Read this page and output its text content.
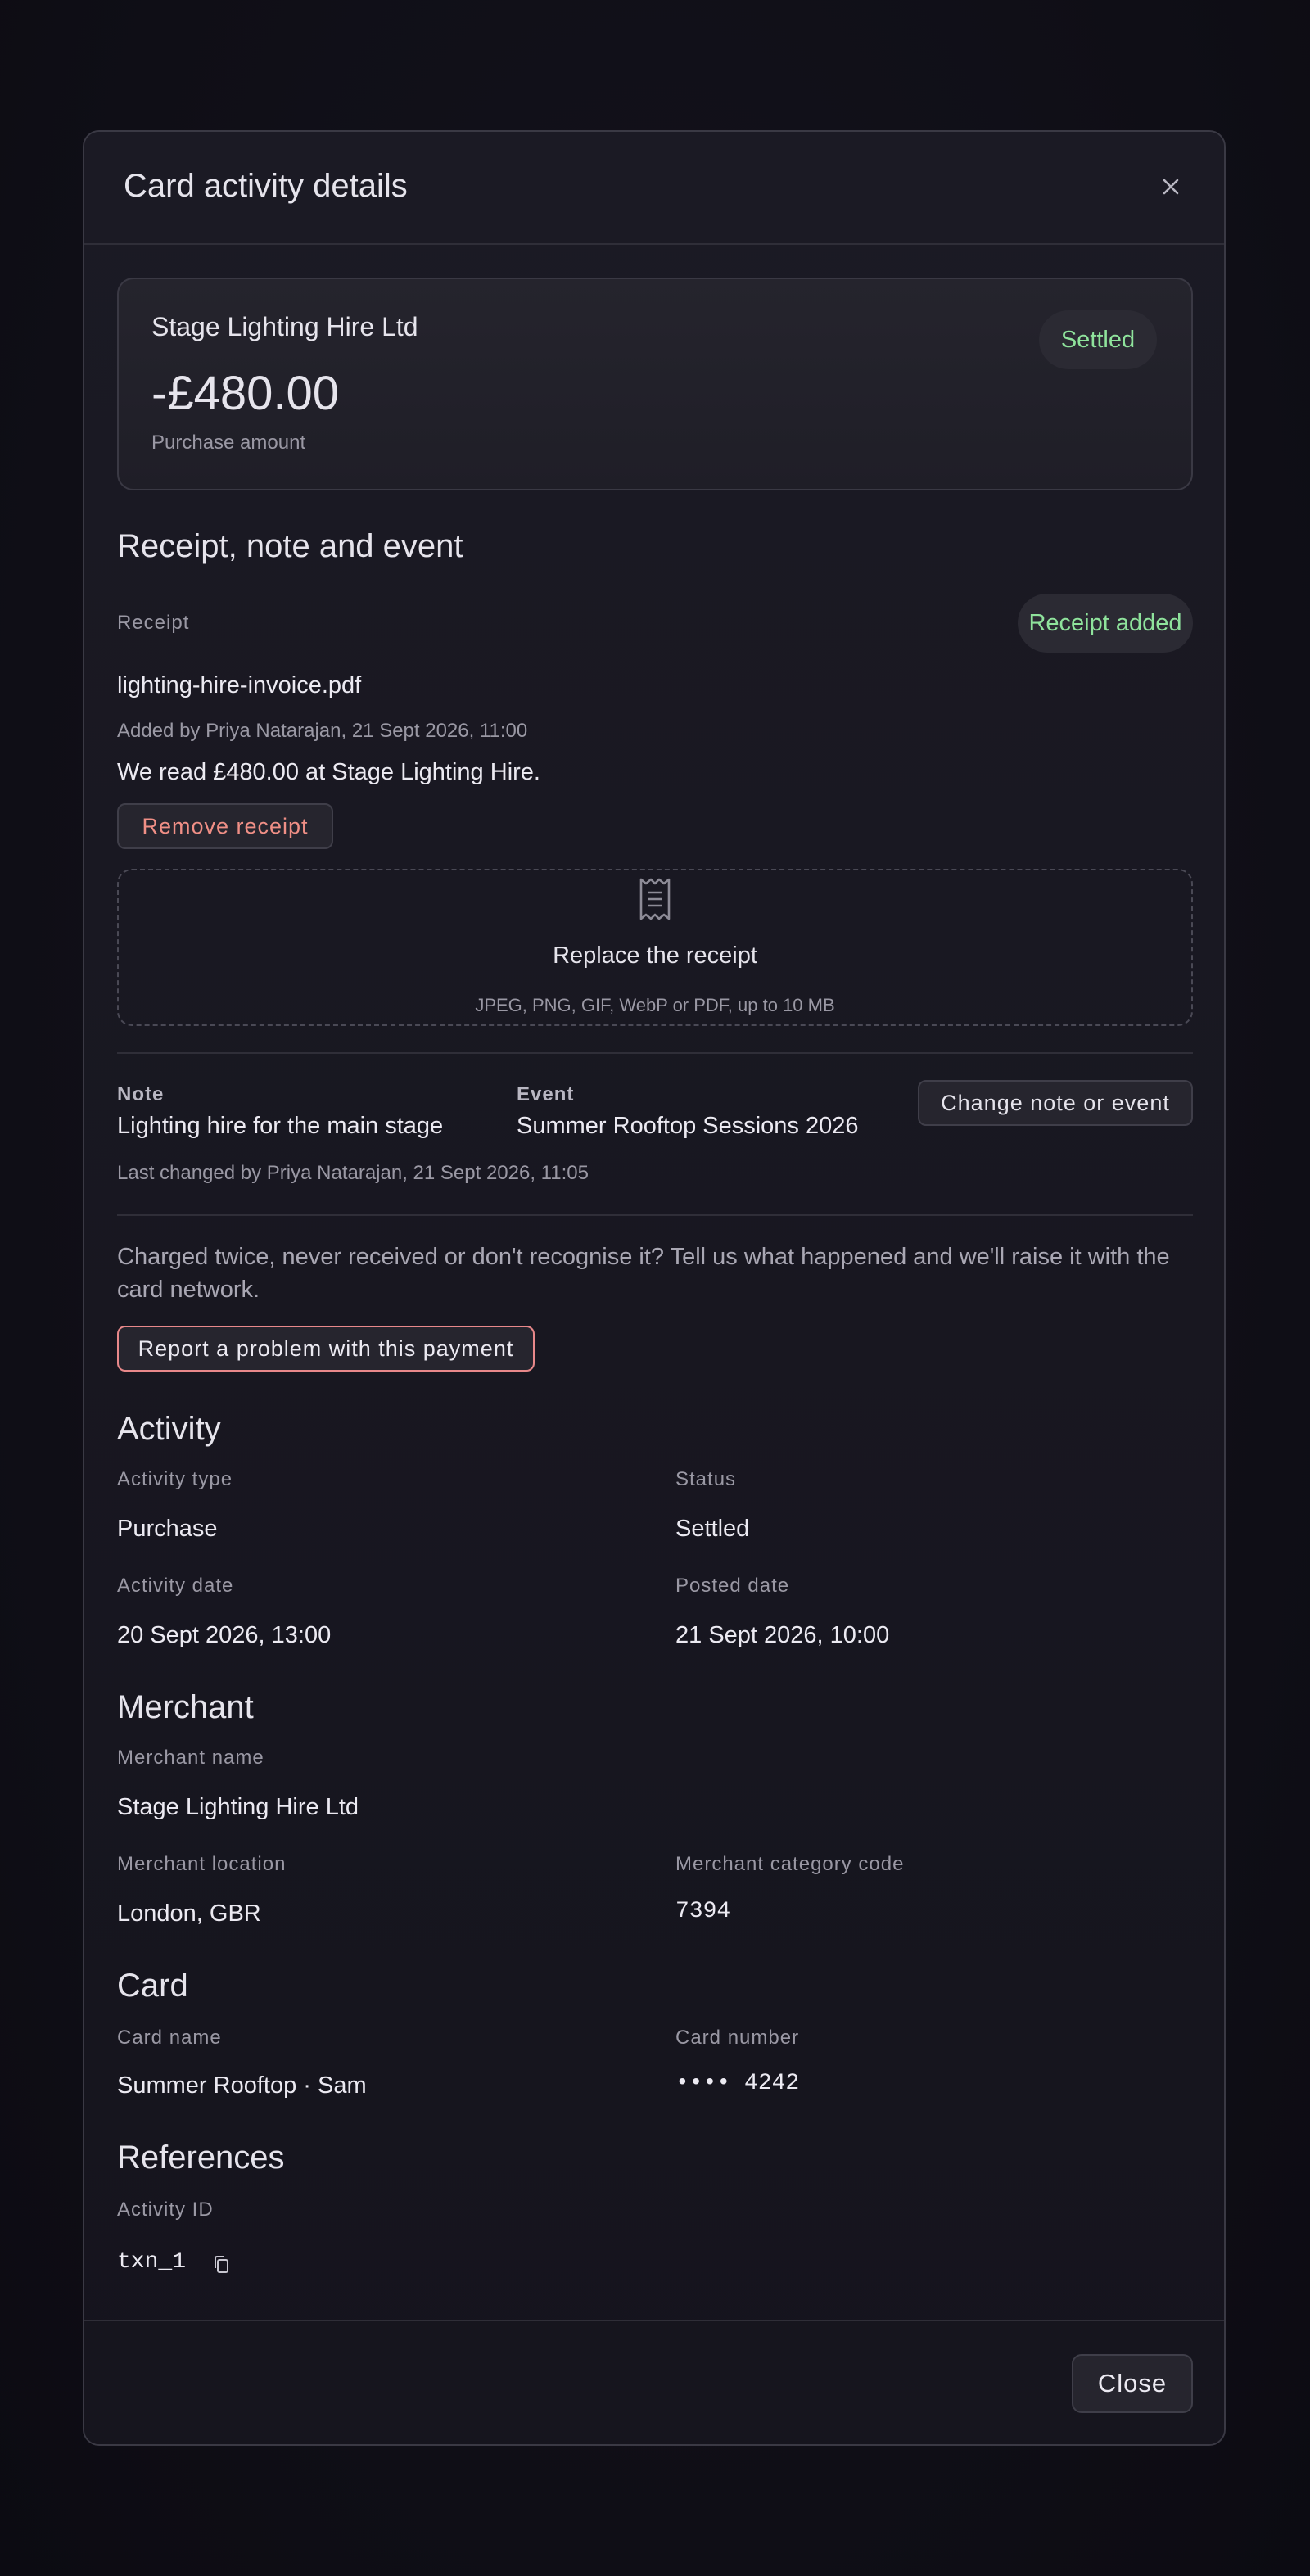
Card activity details
Stage Lighting Hire Ltd	Settled
-£480.00
Purchase amount
Receipt, note and event
Receipt	Receipt added
lighting-hire-invoice.pdf
Added by Priya Natarajan, 21 Sept 2026, 11:00
We read £480.00 at Stage Lighting Hire.
Remove receipt
Replace the receipt
JPEG, PNG, GIF, WebP or PDF, up to 10 MB
Note
Lighting hire for the main stage
Event
Summer Rooftop Sessions 2026
Change note or event
Last changed by Priya Natarajan, 21 Sept 2026, 11:05
Charged twice, never received or don't recognise it? Tell us what happened and we'll raise it with the card network.
Report a problem with this payment
Activity
Activity type
Purchase
Status
Settled
Activity date
20 Sept 2026, 13:00
Posted date
21 Sept 2026, 10:00
Merchant
Merchant name
Stage Lighting Hire Ltd
Merchant location
London, GBR
Merchant category code
7394
Card
Card name
Summer Rooftop · Sam
Card number
•••• 4242
References
Activity ID
txn_1
Close
